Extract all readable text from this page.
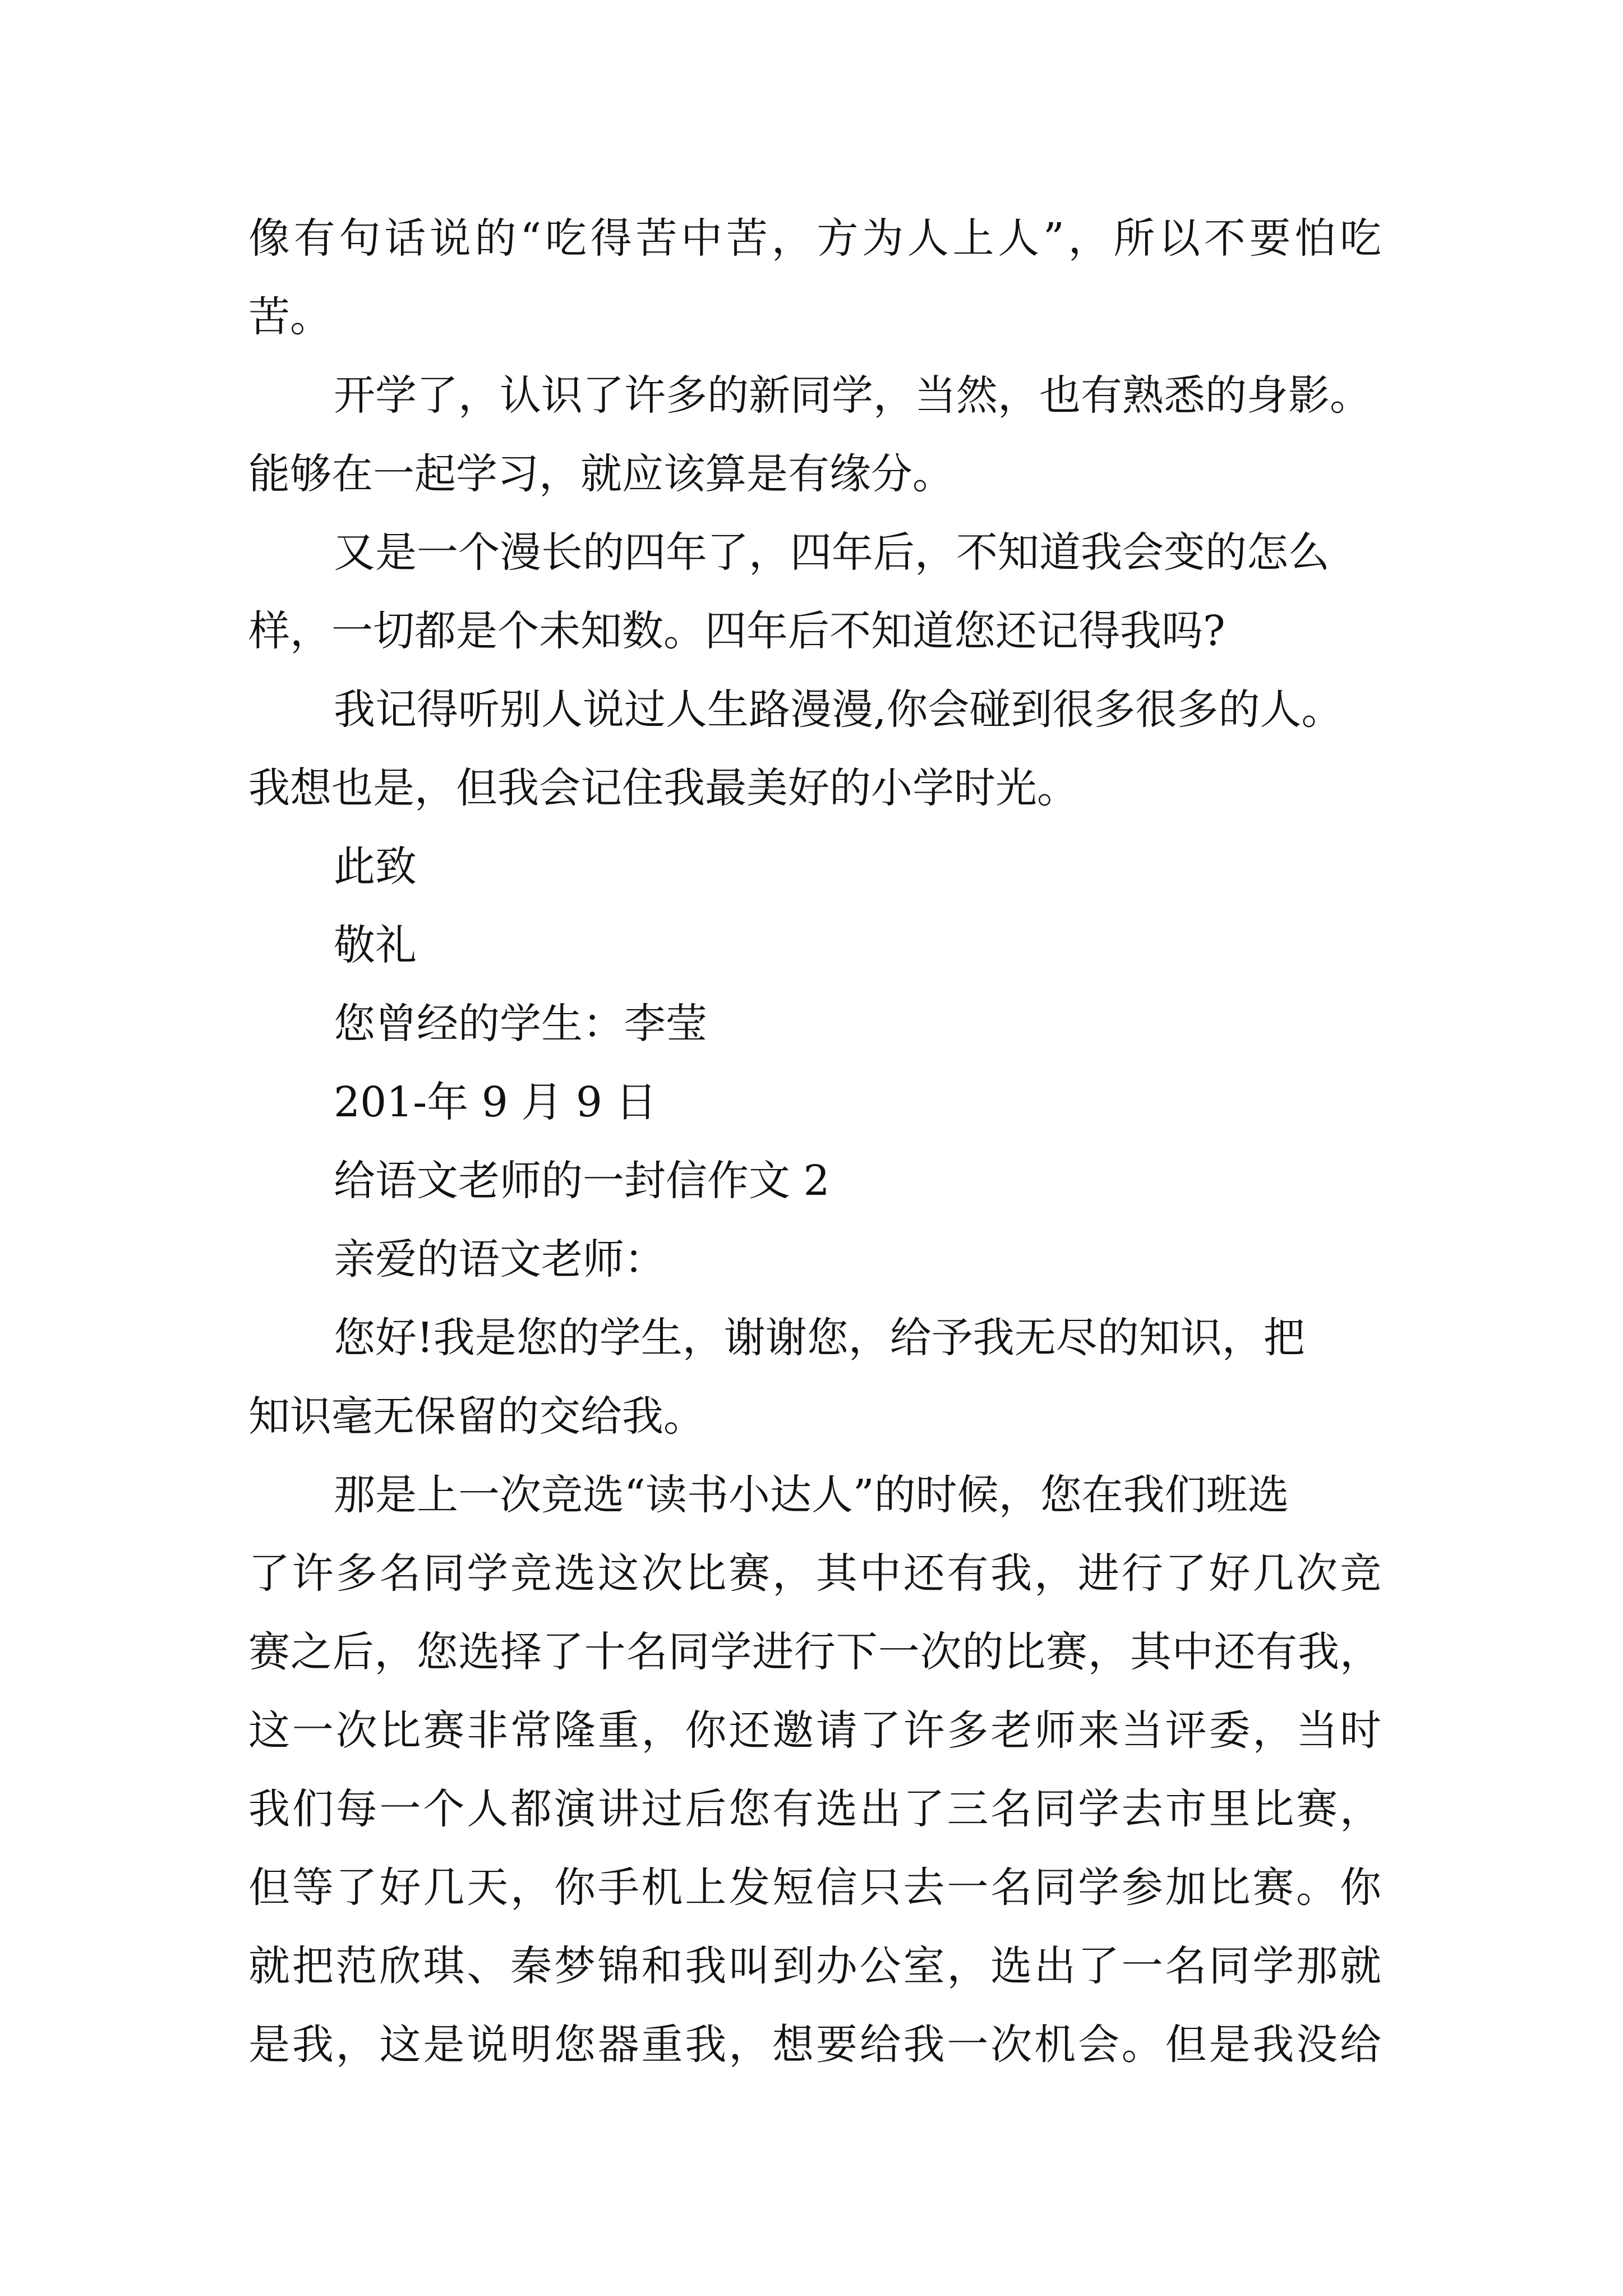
像有句话说的“吃得苦中苦，方为人上人”，所以不要怕吃

苦。

开学了，认识了许多的新同学，当然，也有熟悉的身影。

能够在一起学习，就应该算是有缘分。

又是一个漫长的四年了，四年后，不知道我会变的怎么

样，一切都是个未知数。四年后不知道您还记得我吗?

我记得听别人说过人生路漫漫,你会碰到很多很多的人。

我想也是，但我会记住我最美好的小学时光。

此致

敬礼

您曾经的学生：李莹

201-年 9 月 9 日

给语文老师的一封信作文 2

亲爱的语文老师：

您好!我是您的学生，谢谢您，给予我无尽的知识，把

知识毫无保留的交给我。

那是上一次竞选“读书小达人”的时候，您在我们班选

了许多名同学竞选这次比赛，其中还有我，进行了好几次竞

赛之后，您选择了十名同学进行下一次的比赛，其中还有我，

这一次比赛非常隆重，你还邀请了许多老师来当评委，当时

我们每一个人都演讲过后您有选出了三名同学去市里比赛，

但等了好几天，你手机上发短信只去一名同学参加比赛。你

就把范欣琪、秦梦锦和我叫到办公室，选出了一名同学那就

是我，这是说明您器重我，想要给我一次机会。但是我没给
